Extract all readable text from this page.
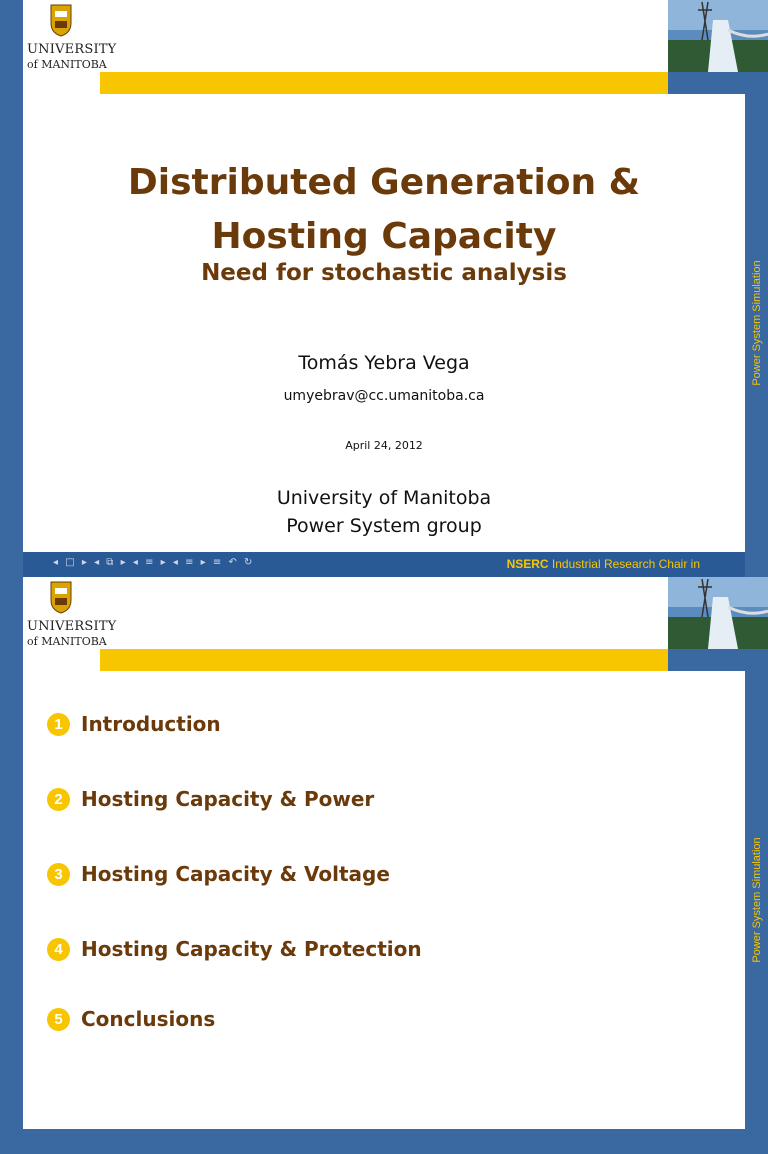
UNIVERSITY
of MANITOBA
Distributed Generation &
Hosting Capacity
Need for stochastic analysis
Tomás Yebra Vega
umyebrav@cc.umanitoba.ca
April 24, 2012
University of Manitoba
Power System group
Power System Simulation
◂ □ ▸ ◂ ⧉ ▸ ◂ ≡ ▸ ◂ ≡ ▸ ≡ ↶ ↻	NSERC Industrial Research Chair in
UNIVERSITY
of MANITOBA
1 Introduction
2 Hosting Capacity & Power
3 Hosting Capacity & Voltage
4 Hosting Capacity & Protection
5 Conclusions
Power System Simulation
